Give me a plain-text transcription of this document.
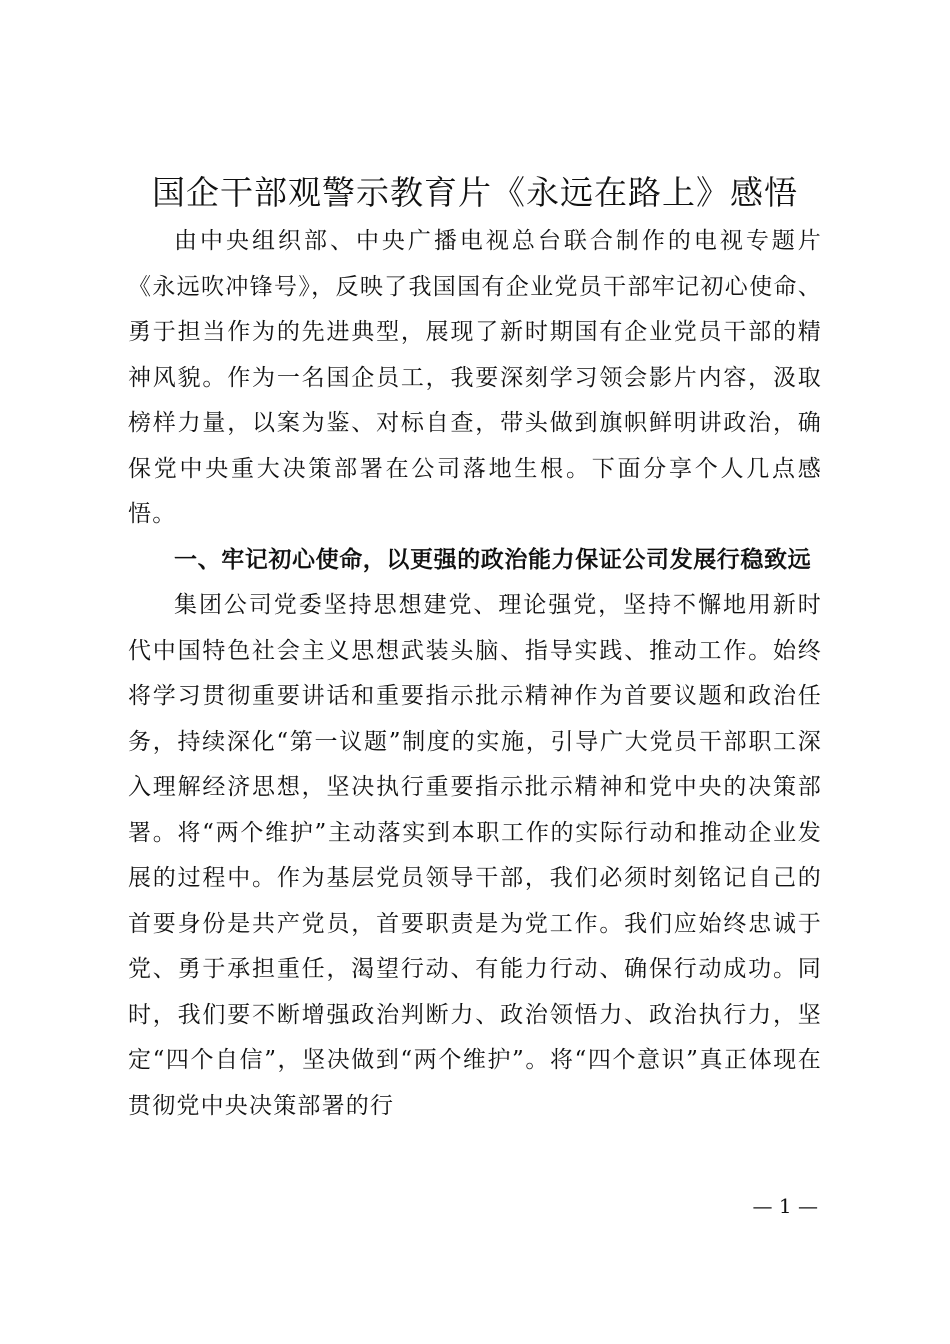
国企干部观警示教育片《永远在路上》感悟

由中央组织部、中央广播电视总台联合制作的电视专题片《永远吹冲锋号》，反映了我国国有企业党员干部牢记初心使命、勇于担当作为的先进典型，展现了新时期国有企业党员干部的精神风貌。作为一名国企员工，我要深刻学习领会影片内容，汲取榜样力量，以案为鉴、对标自查，带头做到旗帜鲜明讲政治，确保党中央重大决策部署在公司落地生根。下面分享个人几点感悟。

一、牢记初心使命，以更强的政治能力保证公司发展行稳致远

集团公司党委坚持思想建党、理论强党，坚持不懈地用新时代中国特色社会主义思想武装头脑、指导实践、推动工作。始终将学习贯彻重要讲话和重要指示批示精神作为首要议题和政治任务，持续深化“第一议题”制度的实施，引导广大党员干部职工深入理解经济思想，坚决执行重要指示批示精神和党中央的决策部署。将“两个维护”主动落实到本职工作的实际行动和推动企业发展的过程中。作为基层党员领导干部，我们必须时刻铭记自己的首要身份是共产党员，首要职责是为党工作。我们应始终忠诚于党、勇于承担重任，渴望行动、有能力行动、确保行动成功。同时，我们要不断增强政治判断力、政治领悟力、政治执行力，坚定“四个自信”，坚决做到“两个维护”。将“四个意识”真正体现在贯彻党中央决策部署的行

— 1 —
